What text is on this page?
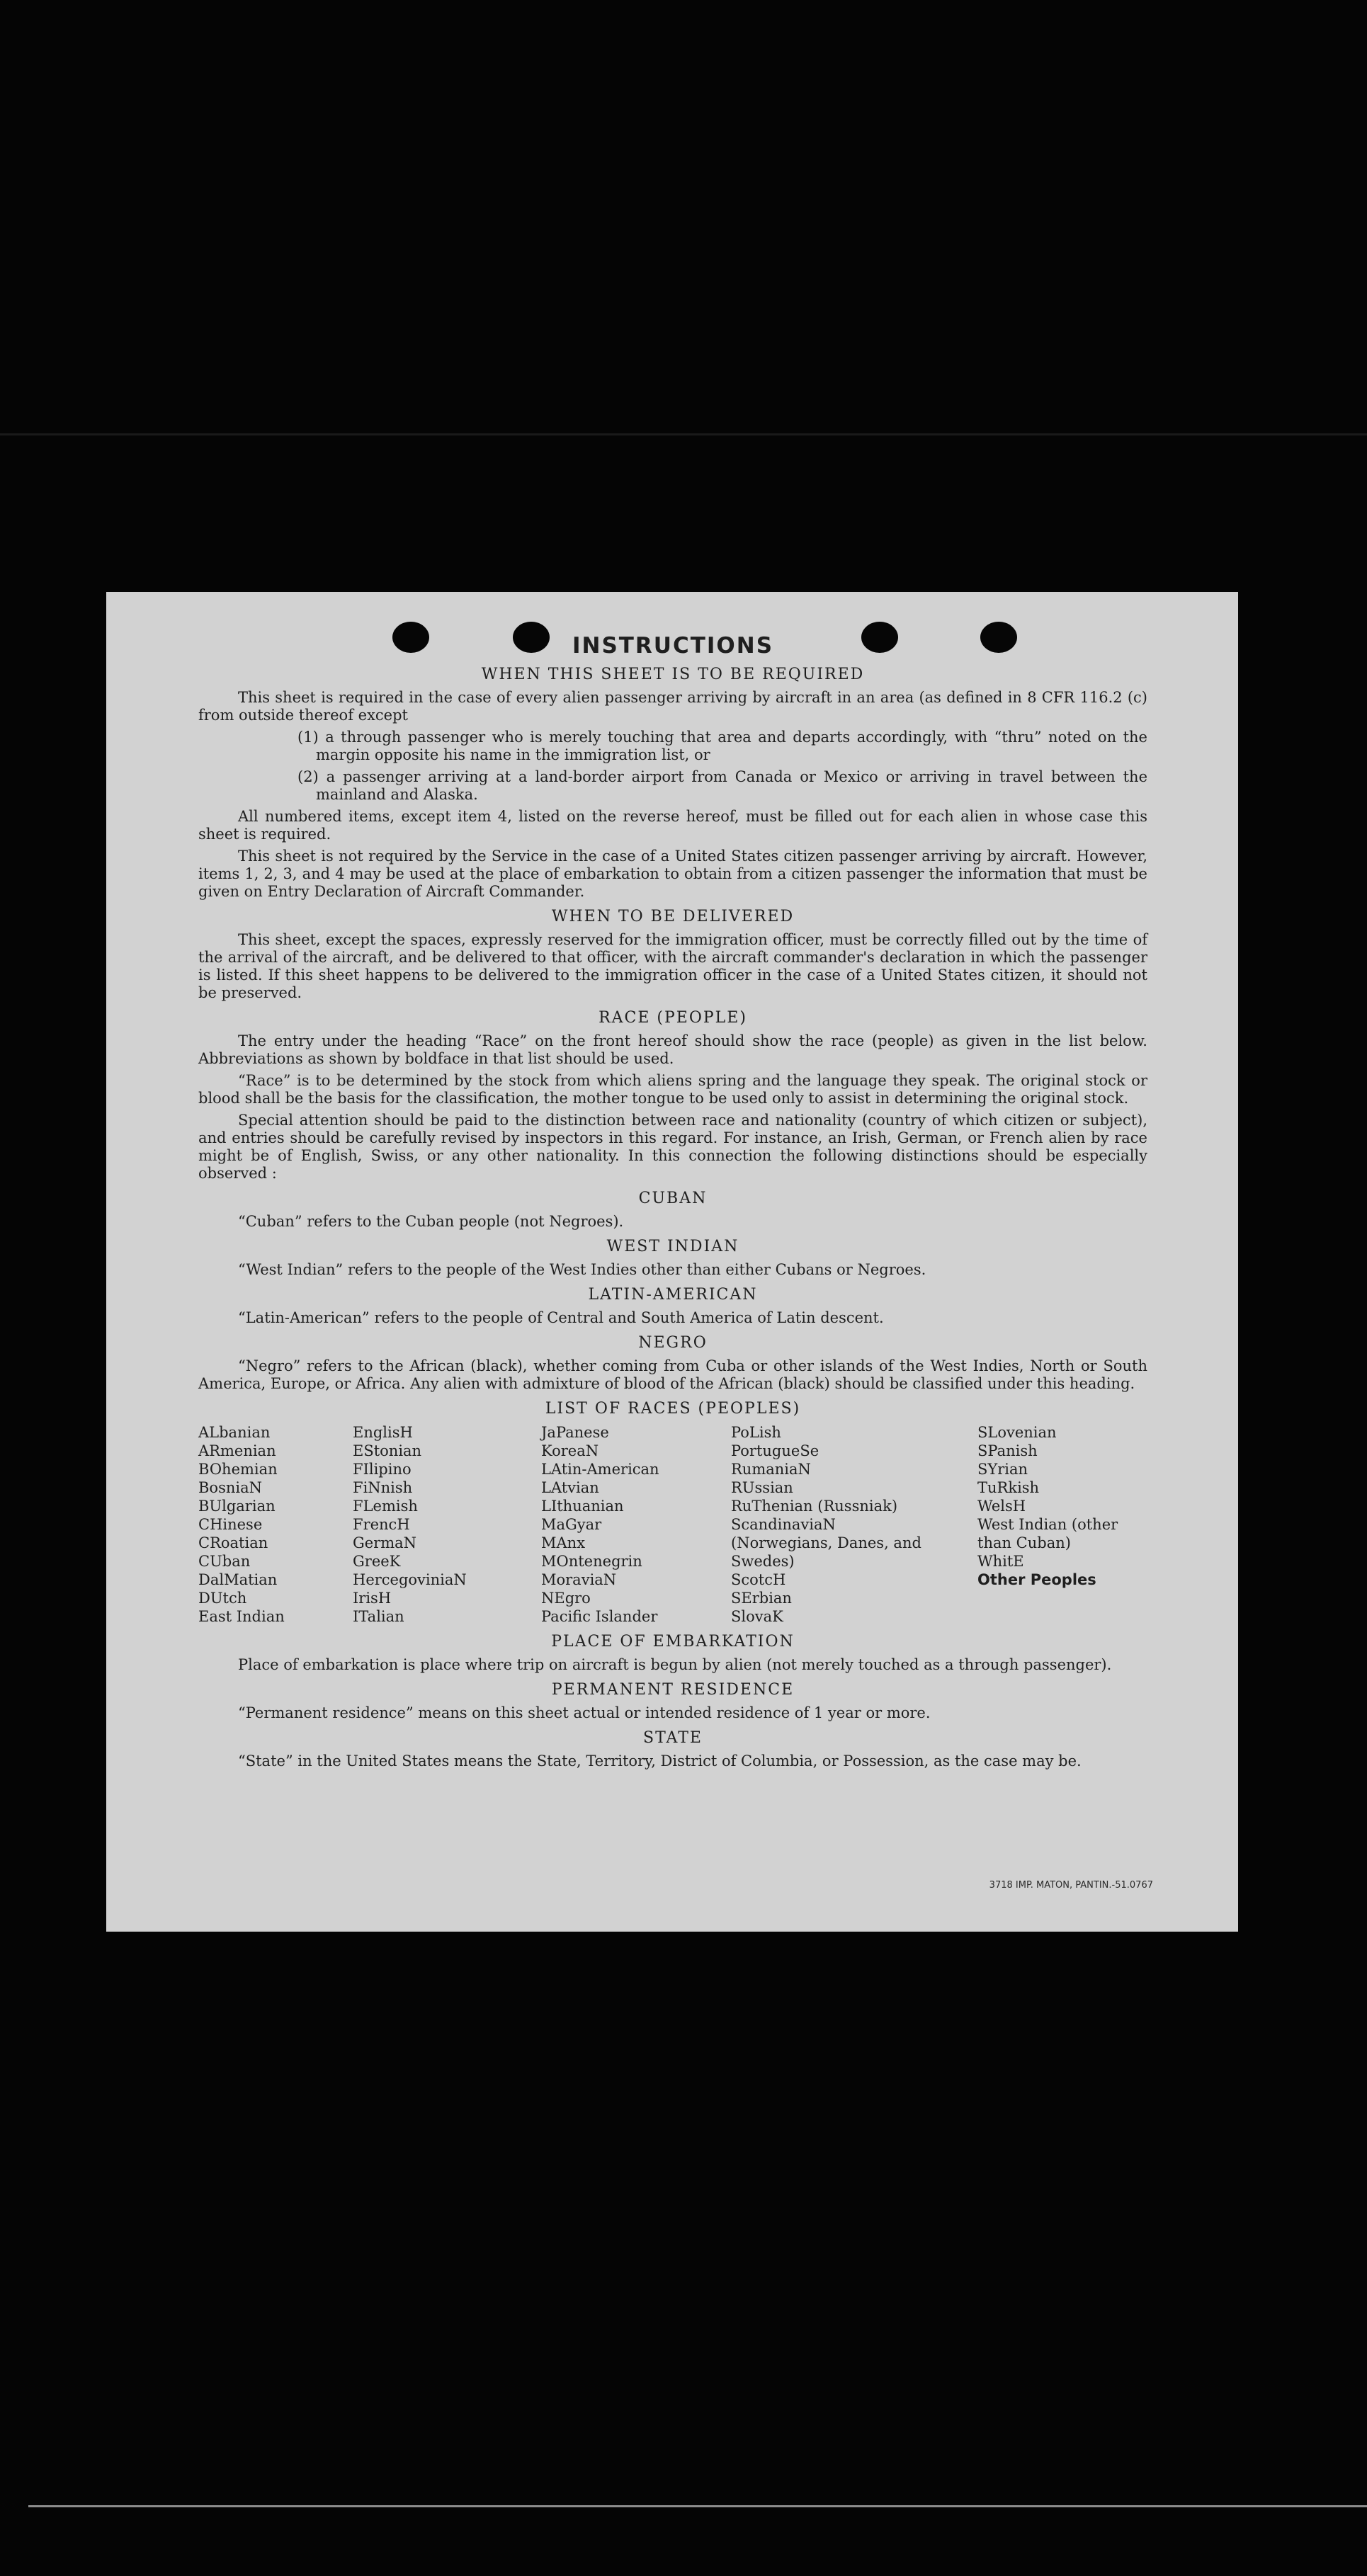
INSTRUCTIONS
WHEN THIS SHEET IS TO BE REQUIRED

This sheet is required in the case of every alien passenger arriving by aircraft in an area (as defined in 8 CFR 116.2 (c) from outside thereof except

(1) a through passenger who is merely touching that area and departs accordingly, with “thru” noted on the margin opposite his name in the immigration list, or

(2) a passenger arriving at a land-border airport from Canada or Mexico or arriving in travel between the mainland and Alaska.

All numbered items, except item 4, listed on the reverse hereof, must be filled out for each alien in whose case this sheet is required.

This sheet is not required by the Service in the case of a United States citizen passenger arriving by aircraft. However, items 1, 2, 3, and 4 may be used at the place of embarkation to obtain from a citizen passenger the information that must be given on Entry Declaration of Aircraft Commander.

WHEN TO BE DELIVERED

This sheet, except the spaces, expressly reserved for the immigration officer, must be correctly filled out by the time of the arrival of the aircraft, and be delivered to that officer, with the aircraft commander's declaration in which the passenger is listed. If this sheet happens to be delivered to the immigration officer in the case of a United States citizen, it should not be preserved.

RACE (PEOPLE)

The entry under the heading “Race” on the front hereof should show the race (people) as given in the list below. Abbreviations as shown by boldface in that list should be used.

“Race” is to be determined by the stock from which aliens spring and the language they speak. The original stock or blood shall be the basis for the classification, the mother tongue to be used only to assist in determining the original stock.

Special attention should be paid to the distinction between race and nationality (country of which citizen or subject), and entries should be carefully revised by inspectors in this regard. For instance, an Irish, German, or French alien by race might be of English, Swiss, or any other nationality. In this connection the following distinctions should be especially observed :

CUBAN

“Cuban” refers to the Cuban people (not Negroes).

WEST INDIAN

“West Indian” refers to the people of the West Indies other than either Cubans or Negroes.

LATIN-AMERICAN

“Latin-American” refers to the people of Central and South America of Latin descent.

NEGRO

“Negro” refers to the African (black), whether coming from Cuba or other islands of the West Indies, North or South America, Europe, or Africa. Any alien with admixture of blood of the African (black) should be classified under this heading.

LIST OF RACES (PEOPLES)
ALbanian
ARmenian
BOhemian
BosniaN
BUlgarian
CHinese
CRoatian
CUban
DalMatian
DUtch
East Indian
EnglisH
EStonian
FIlipino
FiNnish
FLemish
FrencH
GermaN
GreeK
HercegoviniaN
IrisH
ITalian
JaPanese
KoreaN
LAtin-American
LAtvian
LIthuanian
MaGyar
MAnx
MOntenegrin
MoraviaN
NEgro
Pacific Islander
PoLish
PortugueSe
RumaniaN
RUssian
RuThenian (Russniak)
ScandinaviaN (Norwegians, Danes, and Swedes)
ScotcH
SErbian
SlovaK
SLovenian
SPanish
SYrian
TuRkish
WelsH
West Indian (other than Cuban)
WhitE
Other Peoples
PLACE OF EMBARKATION

Place of embarkation is place where trip on aircraft is begun by alien (not merely touched as a through passenger).

PERMANENT RESIDENCE

“Permanent residence” means on this sheet actual or intended residence of 1 year or more.

STATE

“State” in the United States means the State, Territory, District of Columbia, or Possession, as the case may be.

3718 IMP. MATON, PANTIN.-51.0767
